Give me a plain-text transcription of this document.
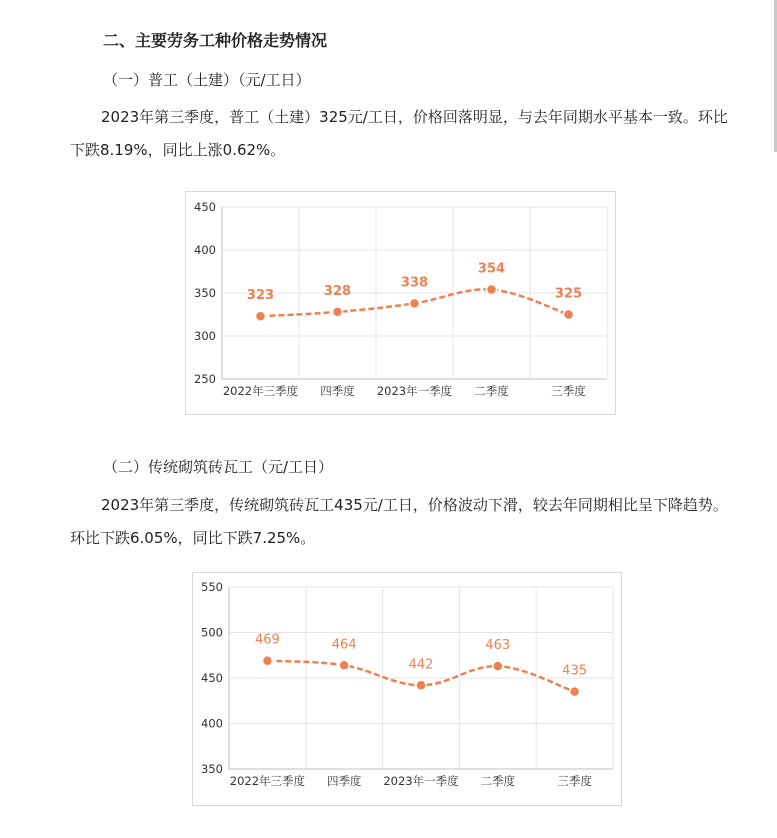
二、主要劳务工种价格走势情况
（一）普工（土建）（元/工日）

2023年第三季度，普工（土建）325元/工日，价格回落明显，与去年同期水平基本一致。环比下跌8.19%，同比上涨0.62%。

250
300
350
400
450
2022年三季度 四季度 2023年一季度 二季度	三季度
323	328
338
354
325
（二）传统砌筑砖瓦工（元/工日）

2023年第三季度，传统砌筑砖瓦工435元/工日，价格波动下滑，较去年同期相比呈下降趋势。环比下跌6.05%，同比下跌7.25%。

350
400
450
500
550
2022年三季度 四季度 2023年一季度 二季度	三季度
469	464
442
463
435
